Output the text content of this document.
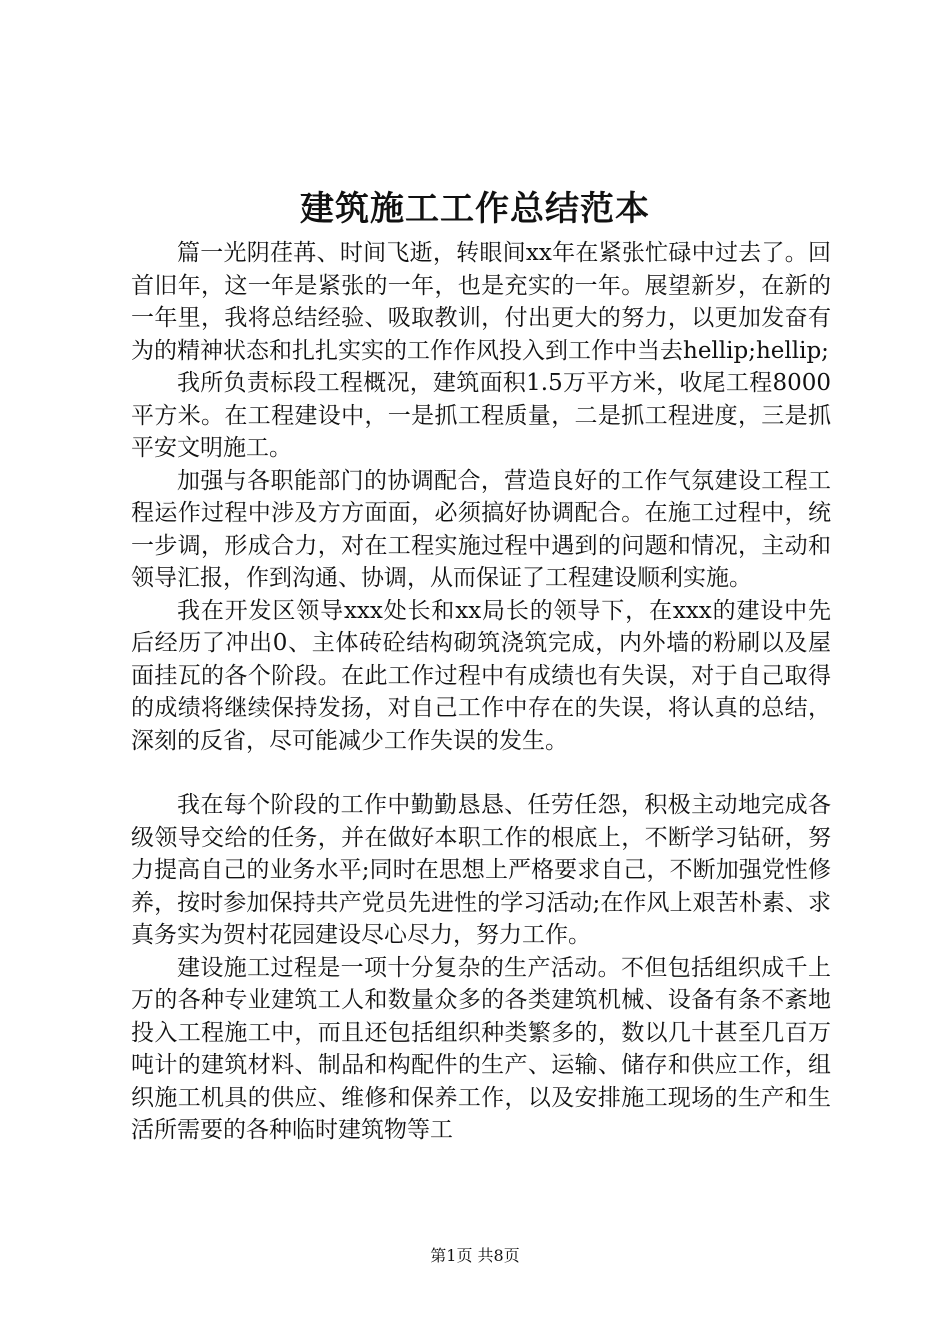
建筑施工工作总结范本

篇一光阴荏苒、时间飞逝，转眼间xx年在紧张忙碌中过去了。回首旧年，这一年是紧张的一年，也是充实的一年。展望新岁，在新的一年里，我将总结经验、吸取教训，付出更大的努力，以更加发奋有为的精神状态和扎扎实实的工作作风投入到工作中当去hellip;hellip;

我所负责标段工程概况，建筑面积1.5万平方米，收尾工程8000平方米。在工程建设中，一是抓工程质量，二是抓工程进度，三是抓平安文明施工。

加强与各职能部门的协调配合，营造良好的工作气氛建设工程工程运作过程中涉及方方面面，必须搞好协调配合。在施工过程中，统一步调，形成合力，对在工程实施过程中遇到的问题和情况，主动和领导汇报，作到沟通、协调，从而保证了工程建设顺利实施。

我在开发区领导xxx处长和xx局长的领导下，在xxx的建设中先后经历了冲出0、主体砖砼结构砌筑浇筑完成，内外墙的粉刷以及屋面挂瓦的各个阶段。在此工作过程中有成绩也有失误，对于自己取得的成绩将继续保持发扬，对自己工作中存在的失误，将认真的总结，深刻的反省，尽可能减少工作失误的发生。

我在每个阶段的工作中勤勤恳恳、任劳任怨，积极主动地完成各级领导交给的任务，并在做好本职工作的根底上，不断学习钻研，努力提高自己的业务水平;同时在思想上严格要求自己，不断加强党性修养，按时参加保持共产党员先进性的学习活动;在作风上艰苦朴素、求真务实为贺村花园建设尽心尽力，努力工作。

建设施工过程是一项十分复杂的生产活动。不但包括组织成千上万的各种专业建筑工人和数量众多的各类建筑机械、设备有条不紊地投入工程施工中，而且还包括组织种类繁多的，数以几十甚至几百万吨计的建筑材料、制品和构配件的生产、运输、储存和供应工作，组织施工机具的供应、维修和保养工作，以及安排施工现场的生产和生活所需要的各种临时建筑物等工

第1页 共8页
